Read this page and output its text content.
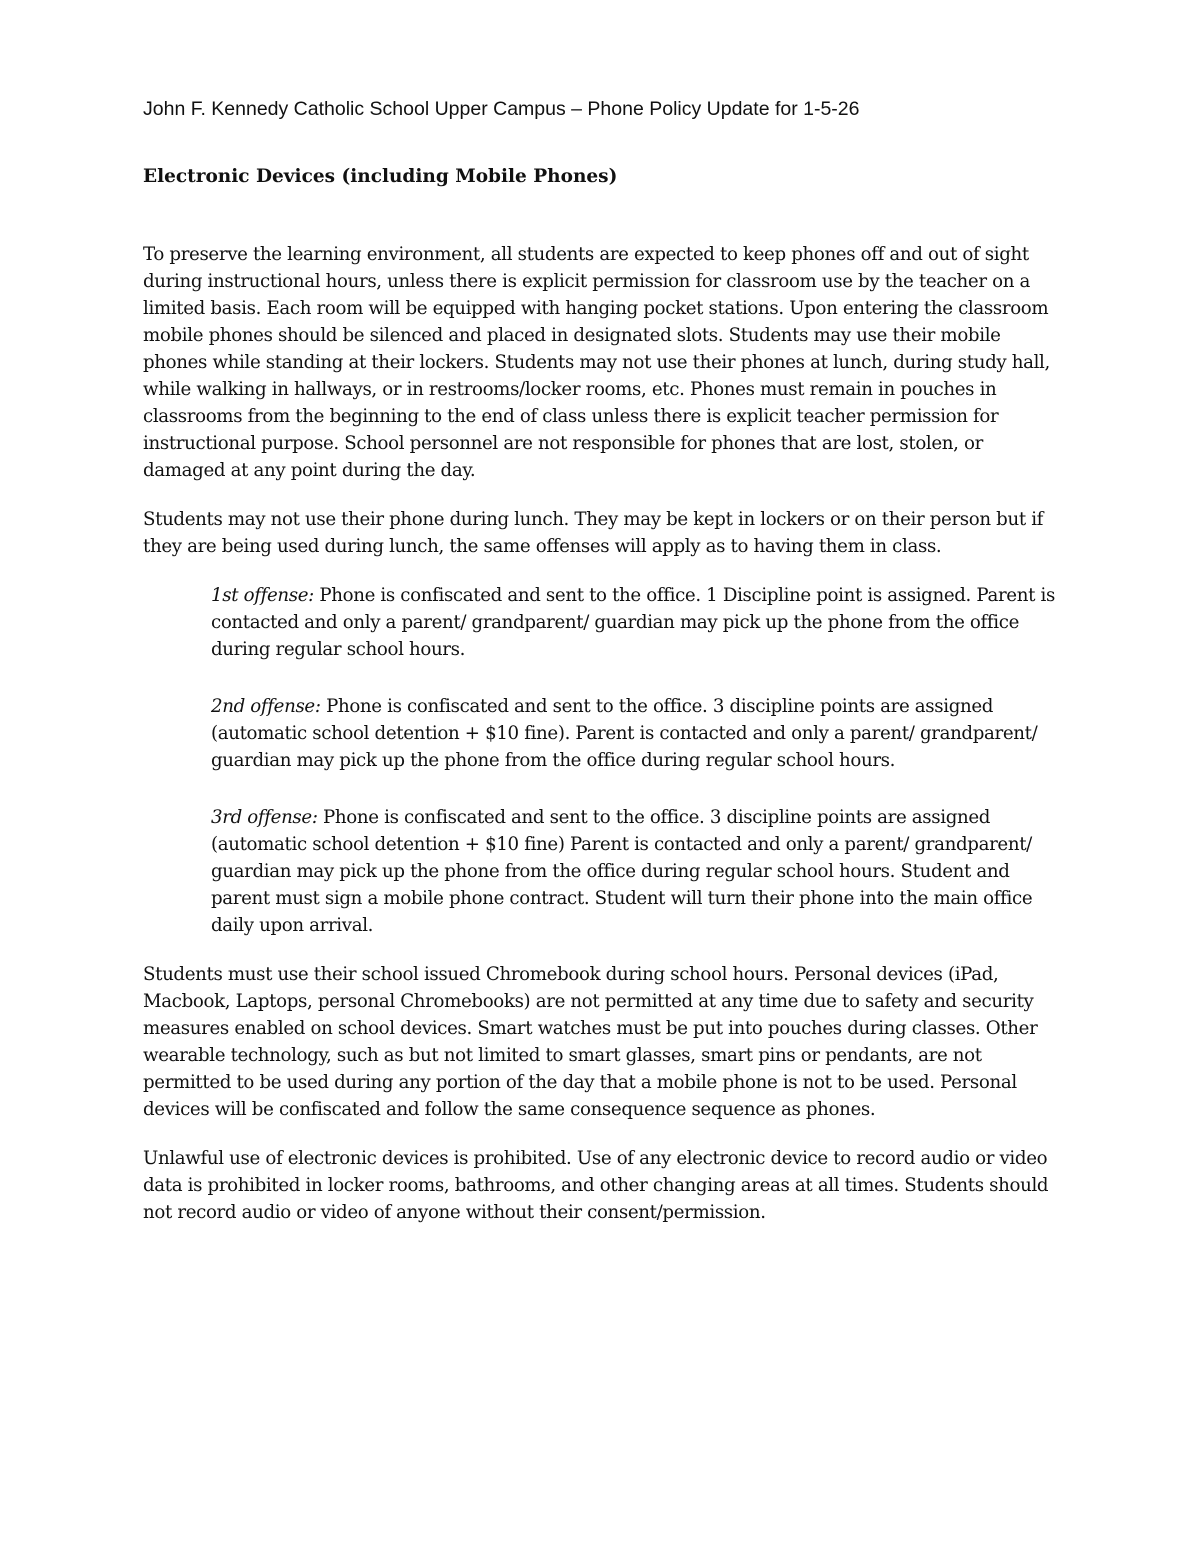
John F. Kennedy Catholic School Upper Campus – Phone Policy Update for 1-5-26

Electronic Devices (including Mobile Phones)

To preserve the learning environment, all students are expected to keep phones off and out of sight during instructional hours, unless there is explicit permission for classroom use by the teacher on a limited basis. Each room will be equipped with hanging pocket stations. Upon entering the classroom mobile phones should be silenced and placed in designated slots. Students may use their mobile phones while standing at their lockers. Students may not use their phones at lunch, during study hall, while walking in hallways, or in restrooms/locker rooms, etc. Phones must remain in pouches in classrooms from the beginning to the end of class unless there is explicit teacher permission for instructional purpose. School personnel are not responsible for phones that are lost, stolen, or damaged at any point during the day.

Students may not use their phone during lunch. They may be kept in lockers or on their person but if they are being used during lunch, the same offenses will apply as to having them in class.

1st offense: Phone is confiscated and sent to the office. 1 Discipline point is assigned. Parent is contacted and only a parent/ grandparent/ guardian may pick up the phone from the office during regular school hours.

2nd offense: Phone is confiscated and sent to the office. 3 discipline points are assigned (automatic school detention + $10 fine). Parent is contacted and only a parent/ grandparent/ guardian may pick up the phone from the office during regular school hours.

3rd offense: Phone is confiscated and sent to the office. 3 discipline points are assigned (automatic school detention + $10 fine) Parent is contacted and only a parent/ grandparent/ guardian may pick up the phone from the office during regular school hours. Student and parent must sign a mobile phone contract. Student will turn their phone into the main office daily upon arrival.

Students must use their school issued Chromebook during school hours. Personal devices (iPad, Macbook, Laptops, personal Chromebooks) are not permitted at any time due to safety and security measures enabled on school devices. Smart watches must be put into pouches during classes. Other wearable technology, such as but not limited to smart glasses, smart pins or pendants, are not permitted to be used during any portion of the day that a mobile phone is not to be used. Personal devices will be confiscated and follow the same consequence sequence as phones.

Unlawful use of electronic devices is prohibited. Use of any electronic device to record audio or video data is prohibited in locker rooms, bathrooms, and other changing areas at all times. Students should not record audio or video of anyone without their consent/permission.
